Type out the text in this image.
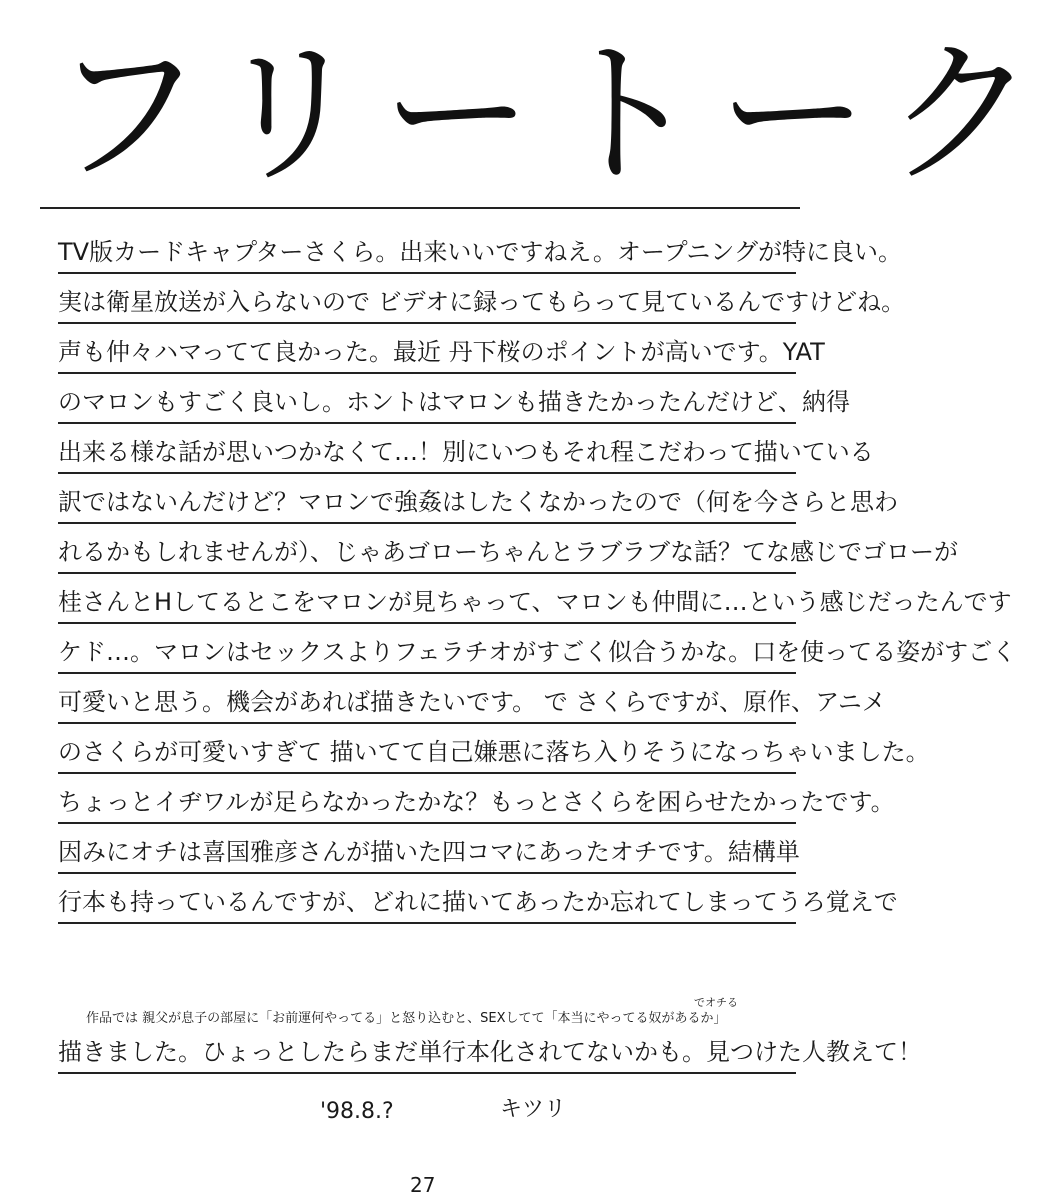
フリートーク
TV版カードキャプターさくら。出来いいですねえ。オープニングが特に良い。
実は衛星放送が入らないので ビデオに録ってもらって見ているんですけどね。
声も仲々ハマってて良かった。最近 丹下桜のポイントが高いです。YAT
のマロンもすごく良いし。ホントはマロンも描きたかったんだけど、納得
出来る様な話が思いつかなくて…！別にいつもそれ程こだわって描いている
訳ではないんだけど？マロンで強姦はしたくなかったので（何を今さらと思わ
れるかもしれませんが）、じゃあゴローちゃんとラブラブな話？てな感じでゴローが
桂さんとHしてるとこをマロンが見ちゃって、マロンも仲間に…という感じだったんです
ケド…。マロンはセックスよりフェラチオがすごく似合うかな。口を使ってる姿がすごく
可愛いと思う。機会があれば描きたいです。 で さくらですが、原作、アニメ
のさくらが可愛いすぎて 描いてて自己嫌悪に落ち入りそうになっちゃいました。
ちょっとイヂワルが足らなかったかな？もっとさくらを困らせたかったです。
因みにオチは喜国雅彦さんが描いた四コマにあったオチです。結構単
行本も持っているんですが、どれに描いてあったか忘れてしまってうろ覚えで
描きました。ひょっとしたらまだ単行本化されてないかも。見つけた人教えて！
でオチる
作品では 親父が息子の部屋に「お前運何やってる」と怒り込むと、SEXしてて「本当にやってる奴があるか」
'98.8.?	キツリ
27
